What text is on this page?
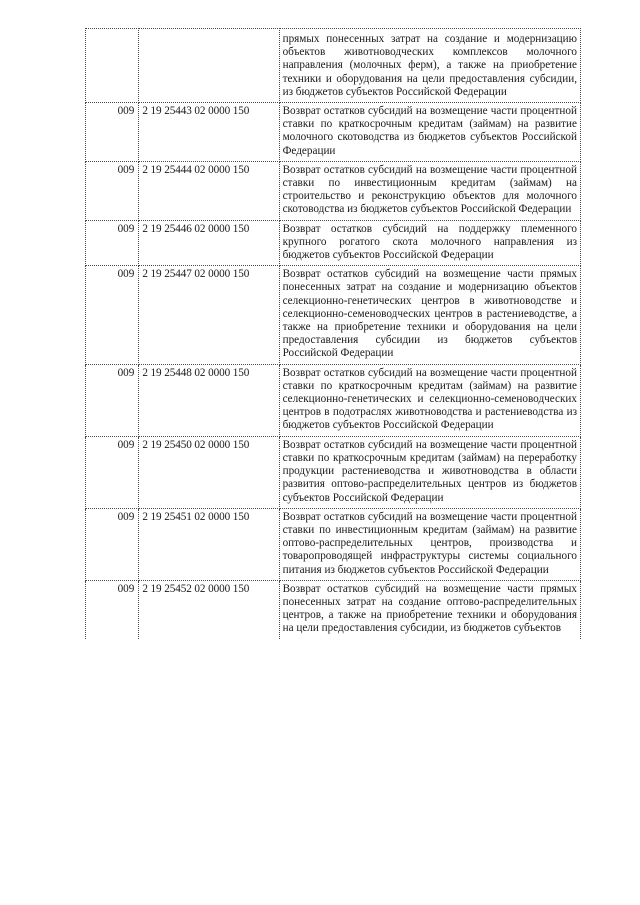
		прямых понесенных затрат на создание и модернизацию объектов животноводческих комплексов молочного направления (молочных ферм), а также на приобретение техники и оборудования на цели предоставления субсидии, из бюджетов субъектов Российской Федерации
009	2 19 25443 02 0000 150	Возврат остатков субсидий на возмещение части процентной ставки по краткосрочным кредитам (займам) на развитие молочного скотоводства из бюджетов субъектов Российской Федерации
009	2 19 25444 02 0000 150	Возврат остатков субсидий на возмещение части процентной ставки по инвестиционным кредитам (займам) на строительство и реконструкцию объектов для молочного скотоводства из бюджетов субъектов Российской Федерации
009	2 19 25446 02 0000 150	Возврат остатков субсидий на поддержку племенного крупного рогатого скота молочного направления из бюджетов субъектов Российской Федерации
009	2 19 25447 02 0000 150	Возврат остатков субсидий на возмещение части прямых понесенных затрат на создание и модернизацию объектов селекционно-генетических центров в животноводстве и селекционно-семеноводческих центров в растениеводстве, а также на приобретение техники и оборудования на цели предоставления субсидии из бюджетов субъектов Российской Федерации
009	2 19 25448 02 0000 150	Возврат остатков субсидий на возмещение части процентной ставки по краткосрочным кредитам (займам) на развитие селекционно-генетических и селекционно-семеноводческих центров в подотраслях животноводства и растениеводства из бюджетов субъектов Российской Федерации
009	2 19 25450 02 0000 150	Возврат остатков субсидий на возмещение части процентной ставки по краткосрочным кредитам (займам) на переработку продукции растениеводства и животноводства в области развития оптово-распределительных центров из бюджетов субъектов Российской Федерации
009	2 19 25451 02 0000 150	Возврат остатков субсидий на возмещение части процентной ставки по инвестиционным кредитам (займам) на развитие оптово-распределительных центров, производства и товаропроводящей инфраструктуры системы социального питания из бюджетов субъектов Российской Федерации
009	2 19 25452 02 0000 150	Возврат остатков субсидий на возмещение части прямых понесенных затрат на создание оптово-распределительных центров, а также на приобретение техники и оборудования на цели предоставления субсидии, из бюджетов субъектов
